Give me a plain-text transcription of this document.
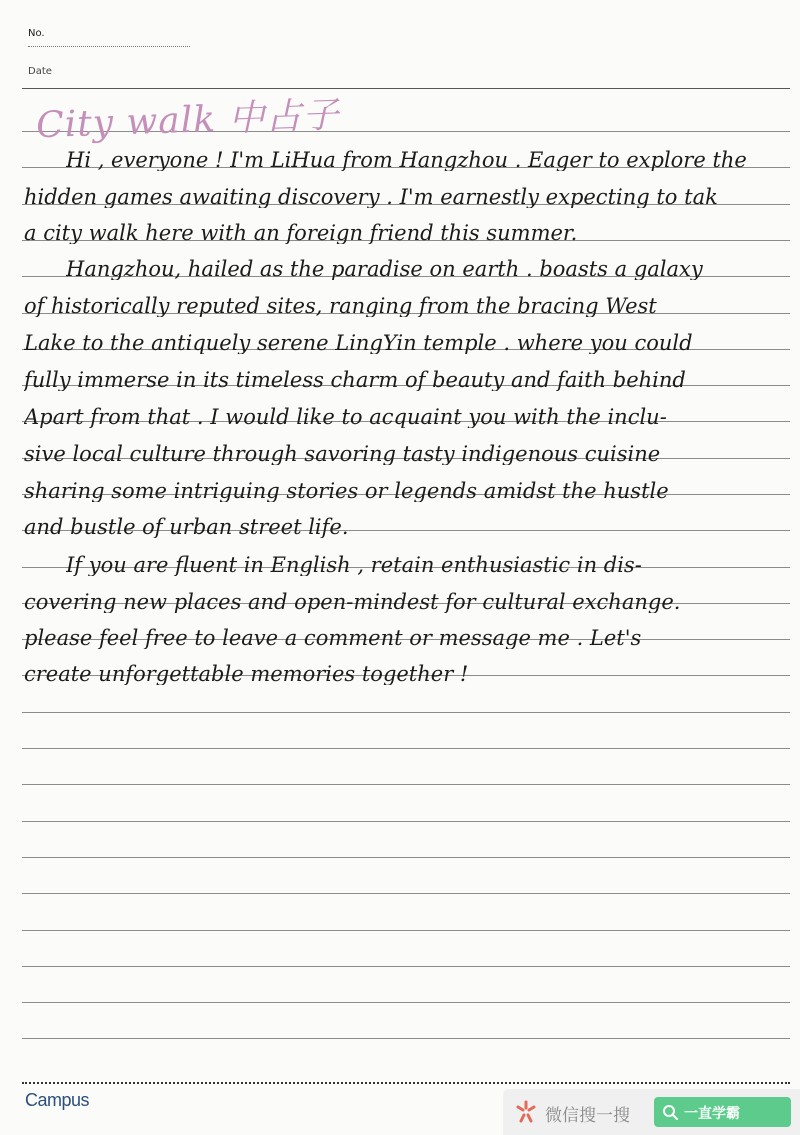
No.
Date
City walk 中占子
Hi , everyone ! I'm LiHua from Hangzhou . Eager to explore the
hidden games awaiting discovery . I'm earnestly expecting to tak
a city walk here with an foreign friend this summer.
Hangzhou, hailed as the paradise on earth . boasts a galaxy
of historically reputed sites, ranging from the bracing West
Lake to the antiquely serene LingYin temple . where you could
fully immerse in its timeless charm of beauty and faith behind
Apart from that . I would like to acquaint you with the inclu-
sive local culture through savoring tasty indigenous cuisine
sharing some intriguing stories or legends amidst the hustle
and bustle of urban street life.
If you are fluent in English , retain enthusiastic in dis-
covering new places and open-mindest for cultural exchange.
please feel free to leave a comment or message me . Let's
create unforgettable memories together !
Campus
微信搜一搜	一直学霸
